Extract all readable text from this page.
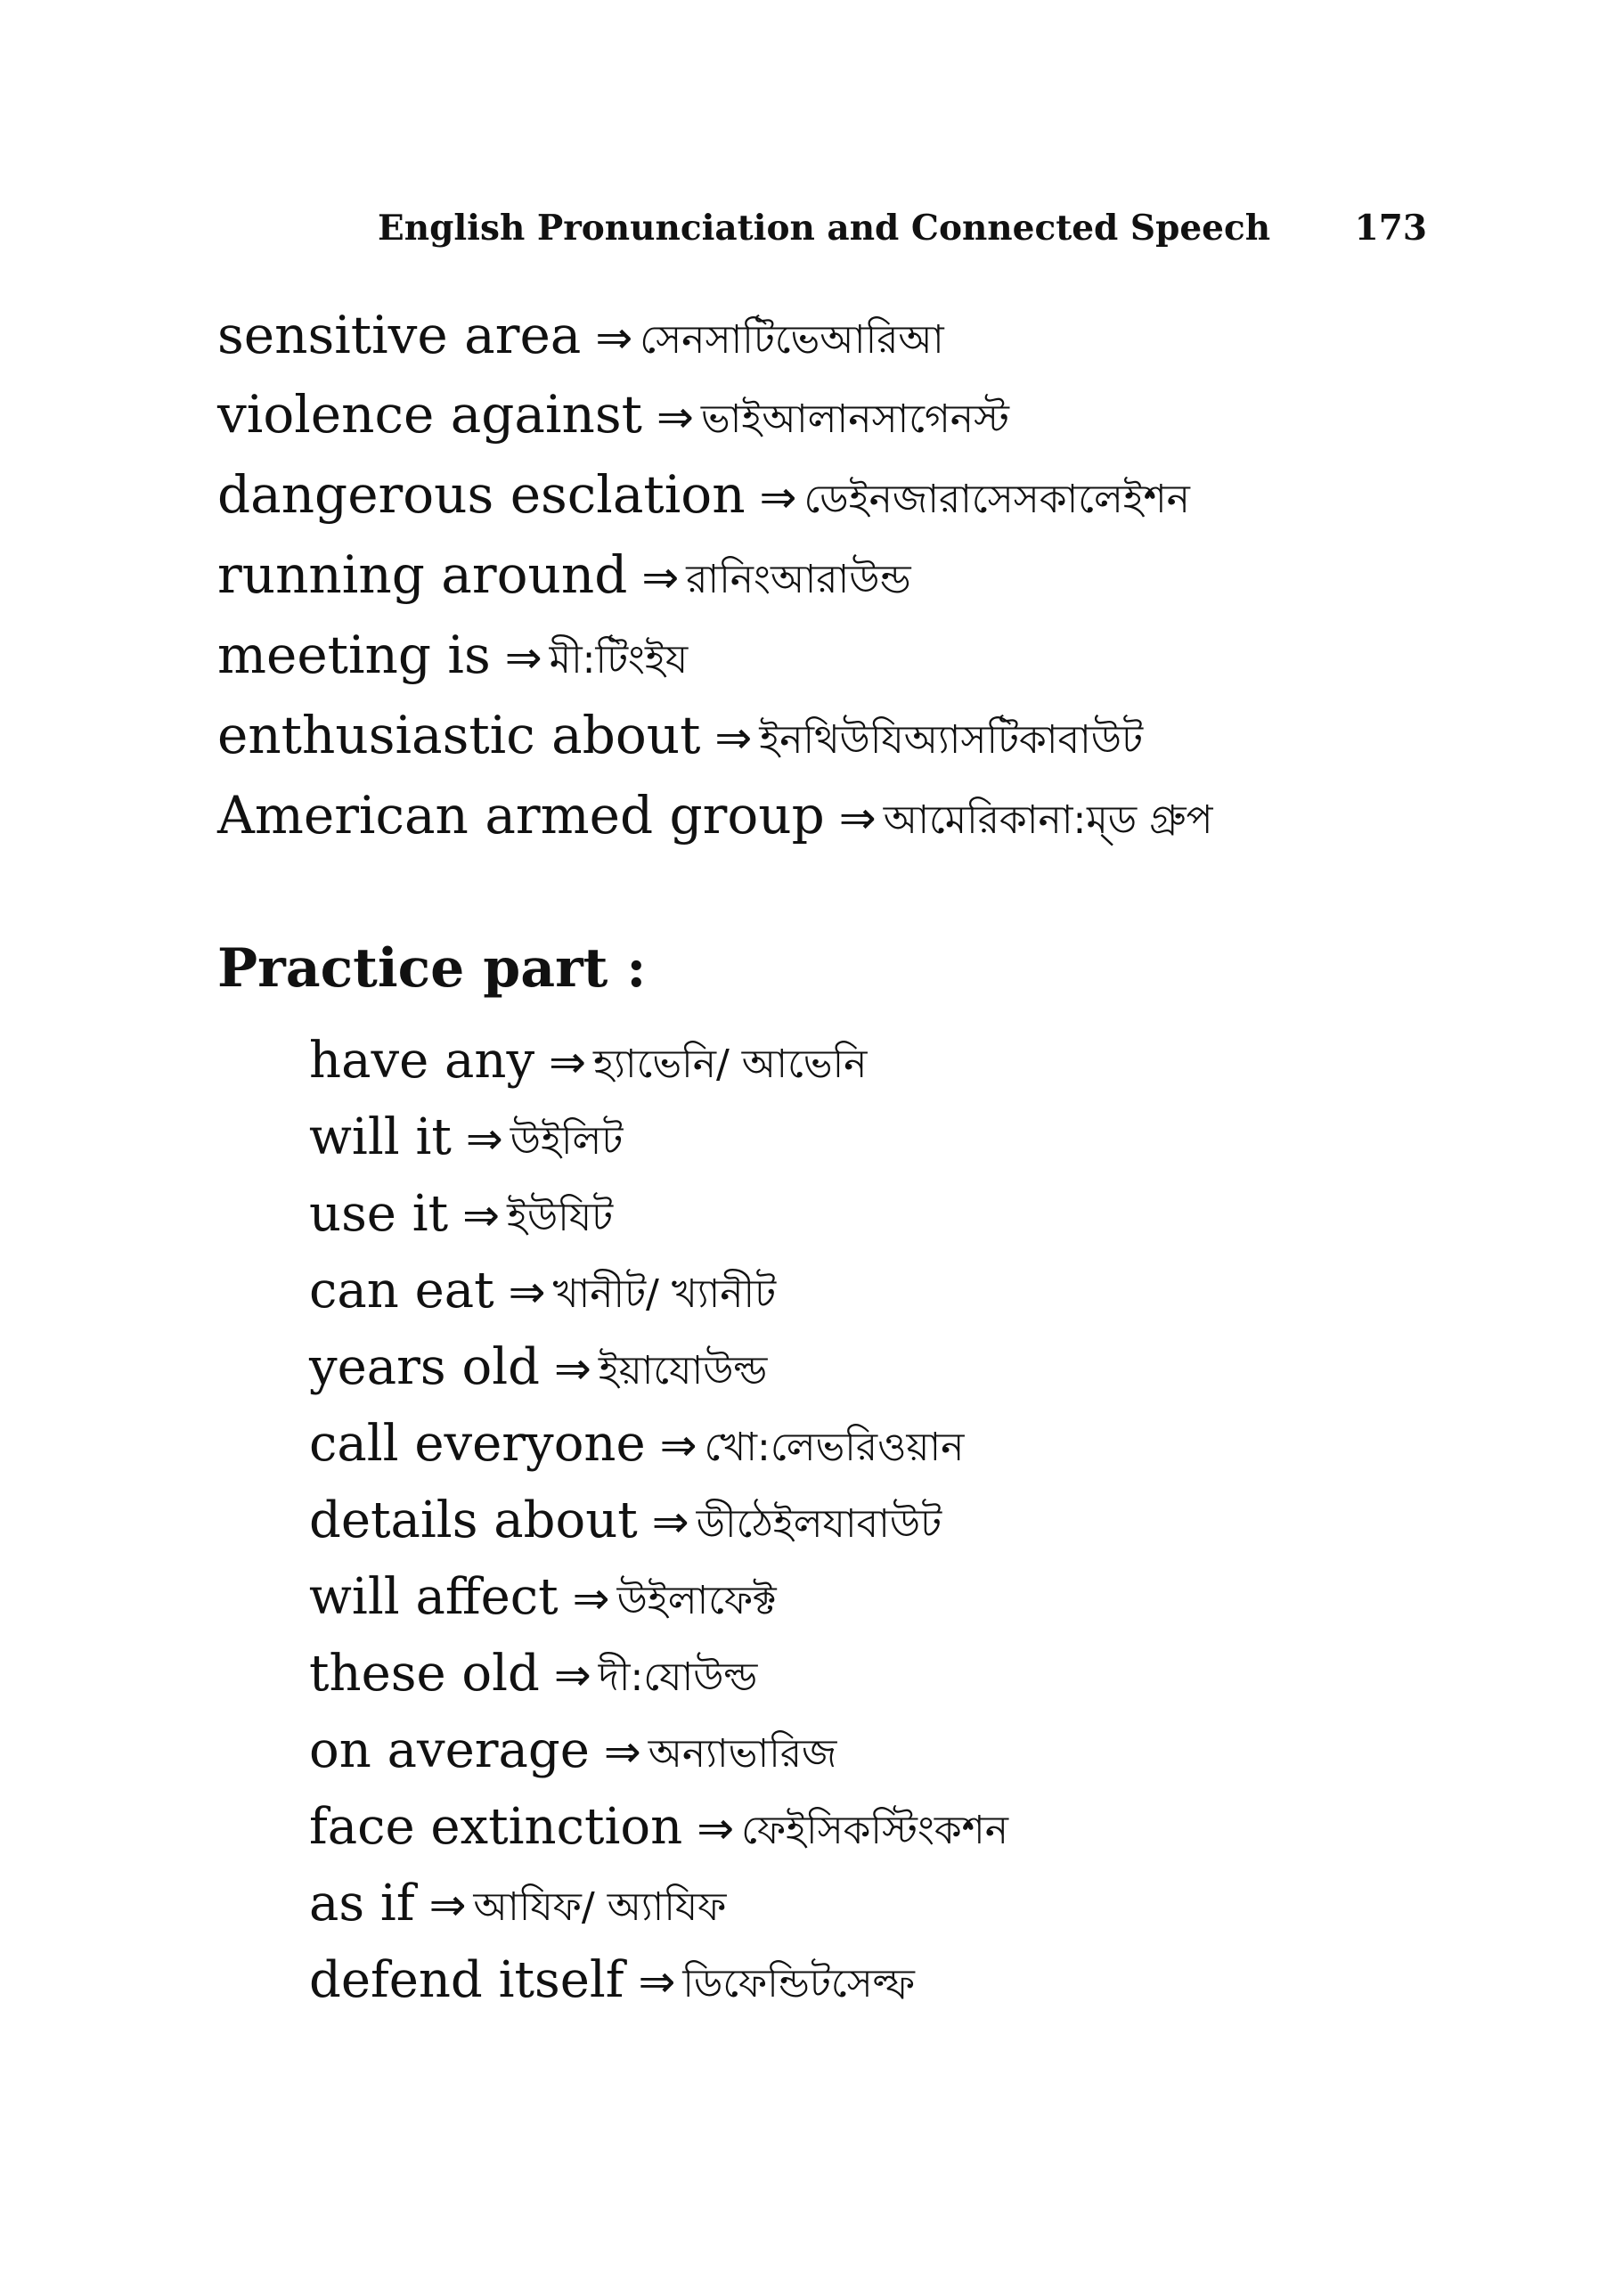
English Pronunciation and Connected Speech 173
sensitive area ⇒ সেনসাটিভেআরিআ
violence against ⇒ ভাইআলানসাগেনস্ট
dangerous esclation ⇒ ডেইনজারাসেসকালেইশন
running around ⇒ রানিংআরাউন্ড
meeting is ⇒ মী:টিংইয
enthusiastic about ⇒ ইনথিউযিঅ্যাসটিকাবাউট
American armed group ⇒ আমেরিকানা:ম্ড গ্রুপ
Practice part :
have any ⇒ হ্যাভেনি/ আভেনি
will it ⇒ উইলিট
use it ⇒ ইউযিট
can eat ⇒ খানীট/ খ্যানীট
years old ⇒ ইয়াযোউল্ড
call everyone ⇒ খো:লেভরিওয়ান
details about ⇒ ডীঠেইলযাবাউট
will affect ⇒ উইলাফেক্ট
these old ⇒ দী:যোউল্ড
on average ⇒ অন্যাভারিজ
face extinction ⇒ ফেইসিকস্টিংকশন
as if ⇒ আযিফ/ অ্যাযিফ
defend itself ⇒ ডিফেন্ডিটসেল্ফ
